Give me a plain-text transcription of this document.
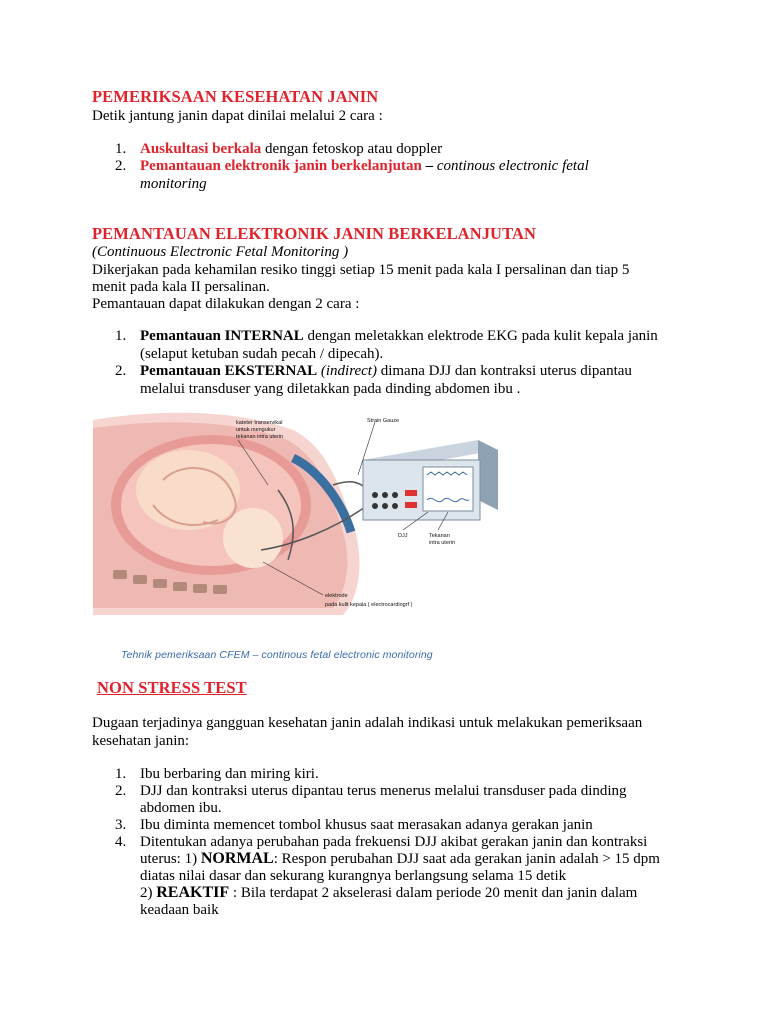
PEMERIKSAAN KESEHATAN JANIN
Detik jantung janin dapat dinilai melalui 2 cara :
1. Auskultasi berkala dengan fetoskop atau doppler
2. Pemantauan elektronik janin berkelanjutan – continous electronic fetal
monitoring
PEMANTAUAN ELEKTRONIK JANIN BERKELANJUTAN
(Continuous Electronic Fetal Monitoring )
Dikerjakan pada kehamilan resiko tinggi setiap 15 menit pada kala I persalinan dan tiap 5
menit pada kala II persalinan.
Pemantauan dapat dilakukan dengan 2 cara :
1. Pemantauan INTERNAL dengan meletakkan elektrode EKG pada kulit kepala janin
(selaput ketuban sudah pecah / dipecah).
2. Pemantauan EKSTERNAL (indirect) dimana DJJ dan kontraksi uterus dipantau
melalui transduser yang diletakkan pada dinding abdomen ibu .
kateter transervikal
untuk mengukur
tekanan intra uterin
Strain Gauze
DJJ	Tekanan
intra uterin
elektrode
pada kulit kepala ( electrocardiogrf )
Tehnik pemeriksaan CFEM – continous fetal electronic monitoring
NON STRESS TEST
Dugaan terjadinya gangguan kesehatan janin adalah indikasi untuk melakukan pemeriksaan
kesehatan janin:
1. Ibu berbaring dan miring kiri.
2. DJJ dan kontraksi uterus dipantau terus menerus melalui transduser pada dinding
abdomen ibu.
3. Ibu diminta memencet tombol khusus saat merasakan adanya gerakan janin
4. Ditentukan adanya perubahan pada frekuensi DJJ akibat gerakan janin dan kontraksi
uterus: 1) NORMAL: Respon perubahan DJJ saat ada gerakan janin adalah > 15 dpm
diatas nilai dasar dan sekurang kurangnya berlangsung selama 15 detik
2) REAKTIF : Bila terdapat 2 akselerasi dalam periode 20 menit dan janin dalam
keadaan baik
